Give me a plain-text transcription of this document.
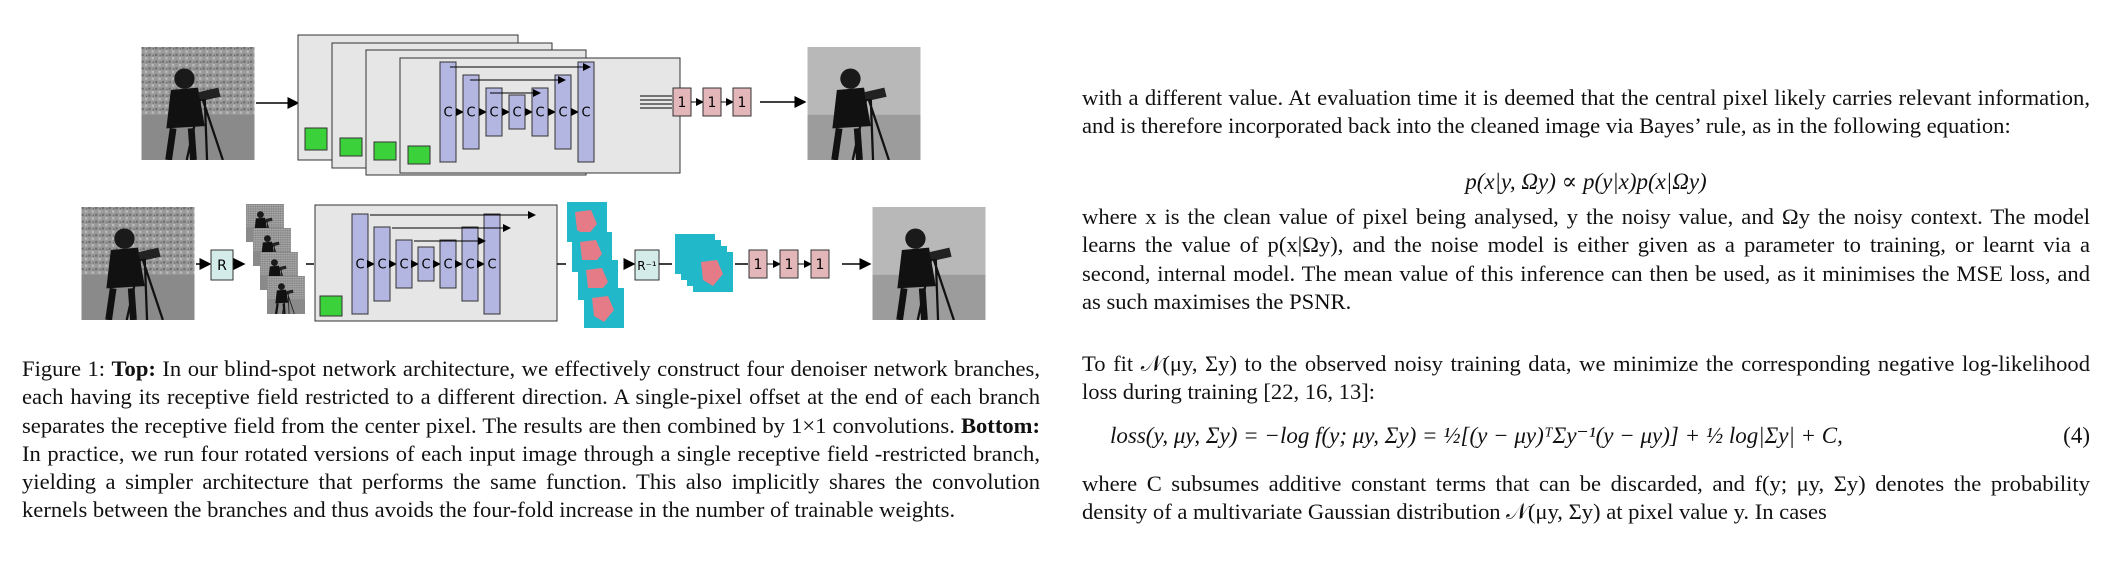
C C C C C C C
1 1 1
R	C C C C C C C	R⁻¹	1 1 1
Figure 1: Top: In our blind-spot network architecture, we effectively construct four denoiser network branches, each having its receptive field restricted to a different direction. A single-pixel offset at the end of each branch separates the receptive field from the center pixel. The results are then combined by 1×1 convolutions. Bottom: In practice, we run four rotated versions of each input image through a single receptive field -restricted branch, yielding a simpler architecture that performs the same function. This also implicitly shares the convolution kernels between the branches and thus avoids the four-fold increase in the number of trainable weights.
with a different value. At evaluation time it is deemed that the central pixel likely carries relevant information, and is therefore incorporated back into the cleaned image via Bayes’ rule, as in the following equation:
p(x|y, Ωy) ∝ p(y|x)p(x|Ωy)
where x is the clean value of pixel being analysed, y the noisy value, and Ωy the noisy context. The model learns the value of p(x|Ωy), and the noise model is either given as a parameter to training, or learnt via a second, internal model. The mean value of this inference can then be used, as it minimises the MSE loss, and as such maximises the PSNR.
To fit 𝒩(μy, Σy) to the observed noisy training data, we minimize the corresponding negative log-likelihood loss during training [22, 16, 13]:
loss(y, μy, Σy) = −log f(y; μy, Σy) = ½[(y − μy)ᵀΣy⁻¹(y − μy)] + ½ log|Σy| + C,	(4)
where C subsumes additive constant terms that can be discarded, and f(y; μy, Σy) denotes the probability density of a multivariate Gaussian distribution 𝒩(μy, Σy) at pixel value y. In cases
